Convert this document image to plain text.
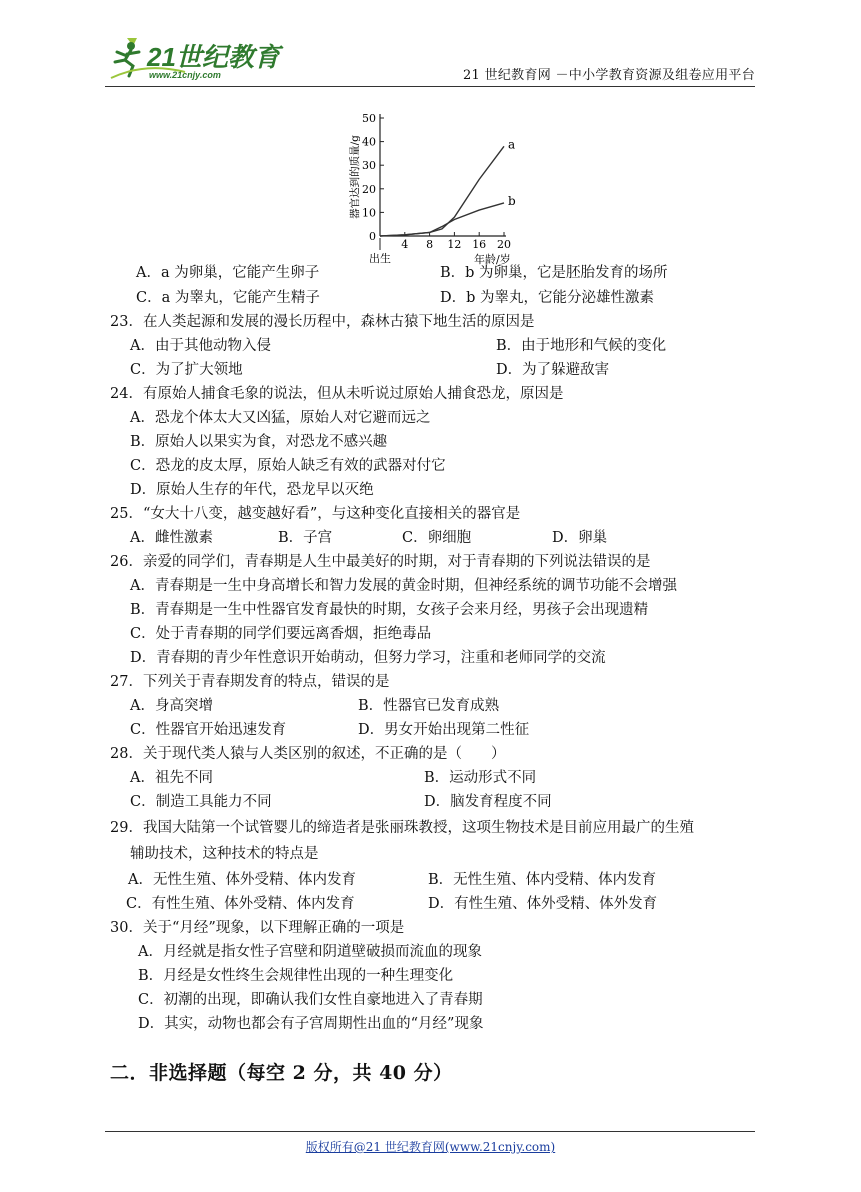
21世纪教育
www.21cnjy.com	21 世纪教育网 －中小学教育资源及组卷应用平台
0
10
20
30
40
50
4 8 12 16 20
出生	年龄/岁
器官达到的质量/g	a
b
A．a 为卵巢，它能产生卵子	B．b 为卵巢，它是胚胎发育的场所
C．a 为睾丸，它能产生精子	D．b 为睾丸，它能分泌雄性激素
23．在人类起源和发展的漫长历程中，森林古猿下地生活的原因是
A．由于其他动物入侵	B．由于地形和气候的变化
C．为了扩大领地	D．为了躲避敌害
24．有原始人捕食毛象的说法，但从未听说过原始人捕食恐龙，原因是
A．恐龙个体太大又凶猛，原始人对它避而远之
B．原始人以果实为食，对恐龙不感兴趣
C．恐龙的皮太厚，原始人缺乏有效的武器对付它
D．原始人生存的年代，恐龙早以灭绝
25．“女大十八变，越变越好看”，与这种变化直接相关的器官是
A．雌性激素	B．子宫	C．卵细胞	D．卵巢
26．亲爱的同学们，青春期是人生中最美好的时期，对于青春期的下列说法错误的是
A．青春期是一生中身高增长和智力发展的黄金时期，但神经系统的调节功能不会增强
B．青春期是一生中性器官发育最快的时期，女孩子会来月经，男孩子会出现遗精
C．处于青春期的同学们要远离香烟，拒绝毒品
D．青春期的青少年性意识开始萌动，但努力学习，注重和老师同学的交流
27．下列关于青春期发育的特点，错误的是
A．身高突增	B．性器官已发育成熟
C．性器官开始迅速发育	D．男女开始出现第二性征
28．关于现代类人猿与人类区别的叙述，不正确的是（　　）
A．祖先不同	B．运动形式不同
C．制造工具能力不同	D．脑发育程度不同
29．我国大陆第一个试管婴儿的缔造者是张丽珠教授，这项生物技术是目前应用最广的生殖
辅助技术，这种技术的特点是
A．无性生殖、体外受精、体内发育	B．无性生殖、体内受精、体内发育
C．有性生殖、体外受精、体内发育	D．有性生殖、体外受精、体外发育
30．关于“月经”现象，以下理解正确的一项是
A．月经就是指女性子宫壁和阴道壁破损而流血的现象
B．月经是女性终生会规律性出现的一种生理变化
C．初潮的出现，即确认我们女性自豪地进入了青春期
D．其实，动物也都会有子宫周期性出血的“月经”现象
二．非选择题（每空 2 分，共 40 分）
版权所有@21 世纪教育网(www.21cnjy.com)
